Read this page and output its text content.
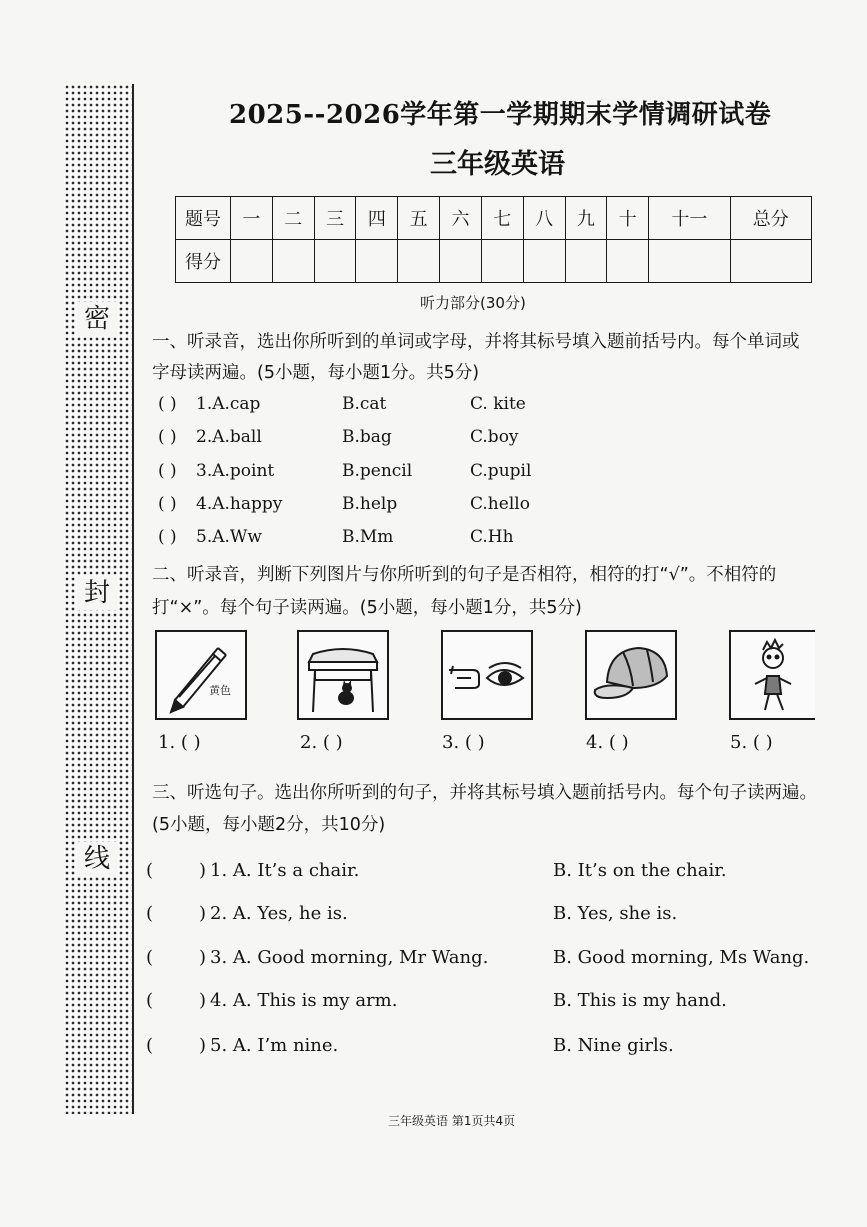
密
封
线
2025--2026学年第一学期期末学情调研试卷
三年级英语
题号	一	二	三	四	五	六	七	八	九	十	十一	总分
得分												
听力部分(30分)
一、听录音，选出你所听到的单词或字母，并将其标号填入题前括号内。每个单词或
字母读两遍。(5小题，每小题1分。共5分)
( ) 1.A.cap	B.cat	C. kite
( ) 2.A.ball	B.bag	C.boy
( ) 3.A.point	B.pencil	C.pupil
( ) 4.A.happy	B.help	C.hello
( ) 5.A.Ww	B.Mm	C.Hh
二、听录音，判断下列图片与你所听到的句子是否相符，相符的打“√”。不相符的
打“×”。每个句子读两遍。(5小题，每小题1分，共5分)
黄色
1. ( )	2. ( )	3. ( )	4. ( )	5. ( )
三、听选句子。选出你所听到的句子，并将其标号填入题前括号内。每个句子读两遍。
(5小题，每小题2分，共10分)
(	) 1. A. It’s a chair.	B. It’s on the chair.
(	) 2. A. Yes, he is.	B. Yes, she is.
(	) 3. A. Good morning, Mr Wang.	B. Good morning, Ms Wang.
(	) 4. A. This is my arm.	B. This is my hand.
(	) 5. A. I’m nine.	B. Nine girls.
三年级英语 第1页共4页
